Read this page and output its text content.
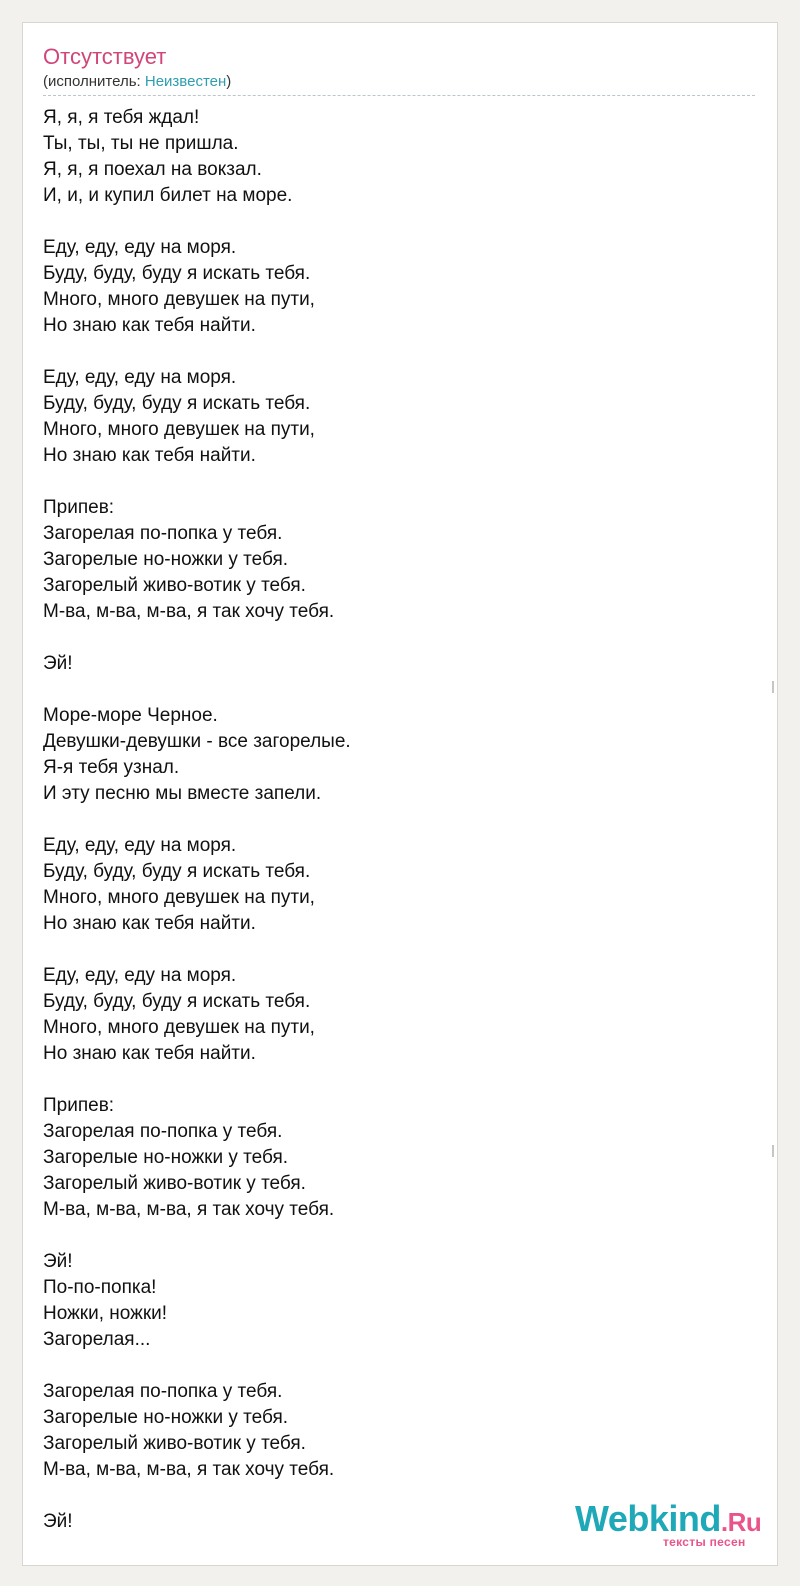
Отсутствует
(исполнитель: Неизвестен)
Я, я, я тебя ждал!
Ты, ты, ты не пришла.
Я, я, я поехал на вокзал.
И, и, и купил билет на море.
Еду, еду, еду на моря.
Буду, буду, буду я искать тебя.
Много, много девушек на пути,
Но знаю как тебя найти.
Еду, еду, еду на моря.
Буду, буду, буду я искать тебя.
Много, много девушек на пути,
Но знаю как тебя найти.
Припев:
Загорелая по-попка у тебя.
Загорелые но-ножки у тебя.
Загорелый живо-вотик у тебя.
М-ва, м-ва, м-ва, я так хочу тебя.
Эй!
Море-море Черное.
Девушки-девушки - все загорелые.
Я-я тебя узнал.
И эту песню мы вместе запели.
Еду, еду, еду на моря.
Буду, буду, буду я искать тебя.
Много, много девушек на пути,
Но знаю как тебя найти.
Еду, еду, еду на моря.
Буду, буду, буду я искать тебя.
Много, много девушек на пути,
Но знаю как тебя найти.
Припев:
Загорелая по-попка у тебя.
Загорелые но-ножки у тебя.
Загорелый живо-вотик у тебя.
М-ва, м-ва, м-ва, я так хочу тебя.
Эй!
По-по-попка!
Ножки, ножки!
Загорелая...
Загорелая по-попка у тебя.
Загорелые но-ножки у тебя.
Загорелый живо-вотик у тебя.
М-ва, м-ва, м-ва, я так хочу тебя.
Эй!	Webkind.Ru
тексты песен
